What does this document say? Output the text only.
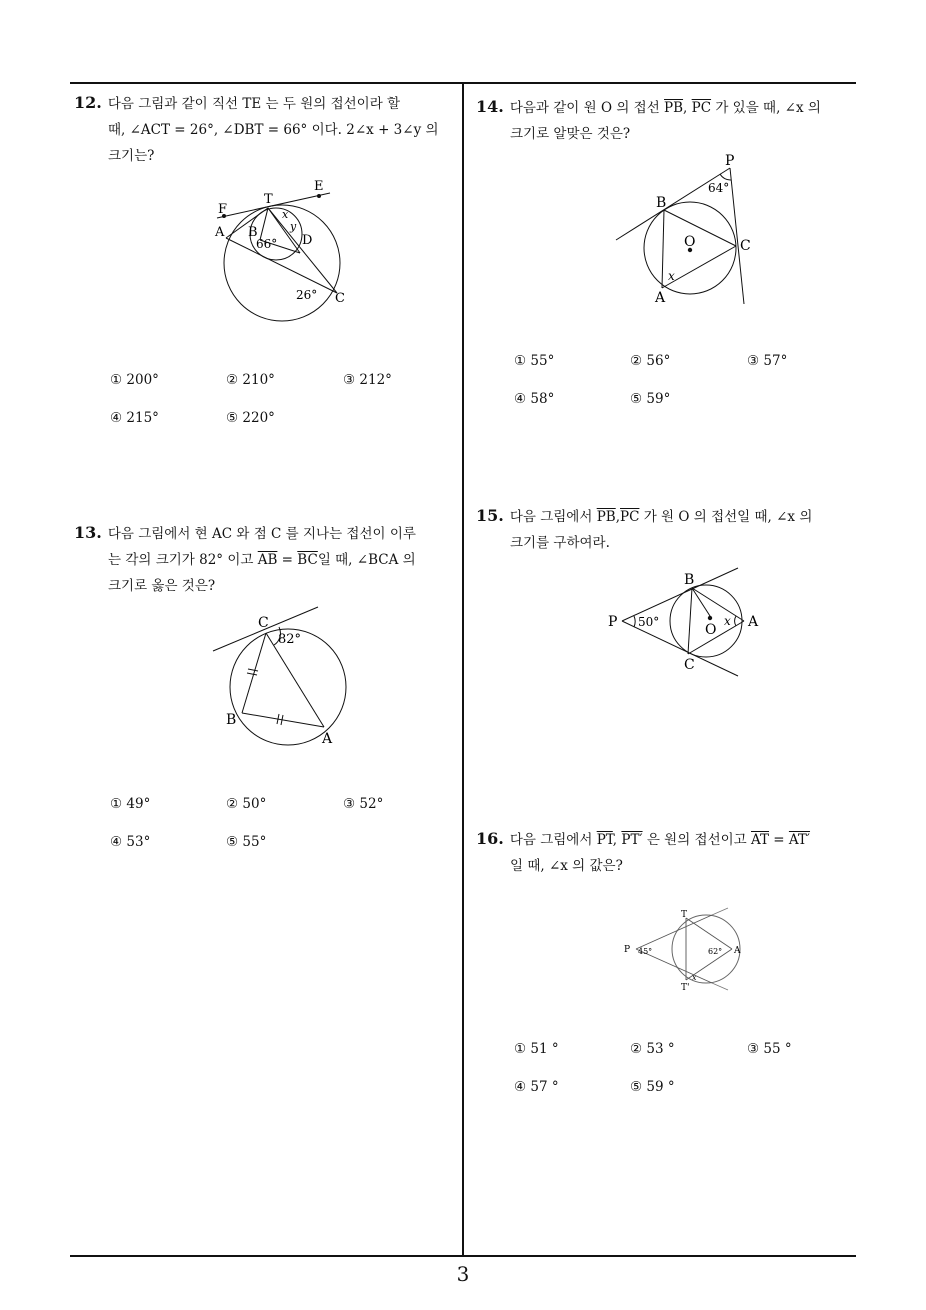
12. 다음 그림과 같이 직선 TE 는 두 원의 접선이라 할
때, ∠ACT = 26°, ∠DBT = 66° 이다. 2∠x + 3∠y 의
크기는?
F
T
E
A B
D
C
x
y
66°
26°
① 200°	② 210°	③ 212°
④ 215°	⑤ 220°
13. 다음 그림에서 현 AC 와 점 C 를 지나는 접선이 이루
는 각의 크기가 82° 이고 $\overline{AB} = \overline{BC}$일 때, ∠BCA 의
크기로 옳은 것은?
C
B
A
82°
① 49°	② 50°	③ 52°
④ 53°	⑤ 55°
14. 다음과 같이 원 O 의 접선 $\overline{PB}$, $\overline{PC}$ 가 있을 때, ∠x 의
크기로 알맞은 것은?
P
B
O	C
A
x
64°
① 55°	② 56°	③ 57°
④ 58°	⑤ 59°
15. 다음 그림에서 $\overline{PB},\overline{PC}$ 가 원 O 의 접선일 때, ∠x 의
크기를 구하여라.
P
B
O A
C
x
50°
16. 다음 그림에서 $\overline{PT}$, PT′ 은 원의 접선이고 $\overline{AT} = AT'$
일 때, ∠x 의 값은?
T
P	A
T'
x
45°	62°
① 51 °	② 53 °	③ 55 °
④ 57 °	⑤ 59 °
3
